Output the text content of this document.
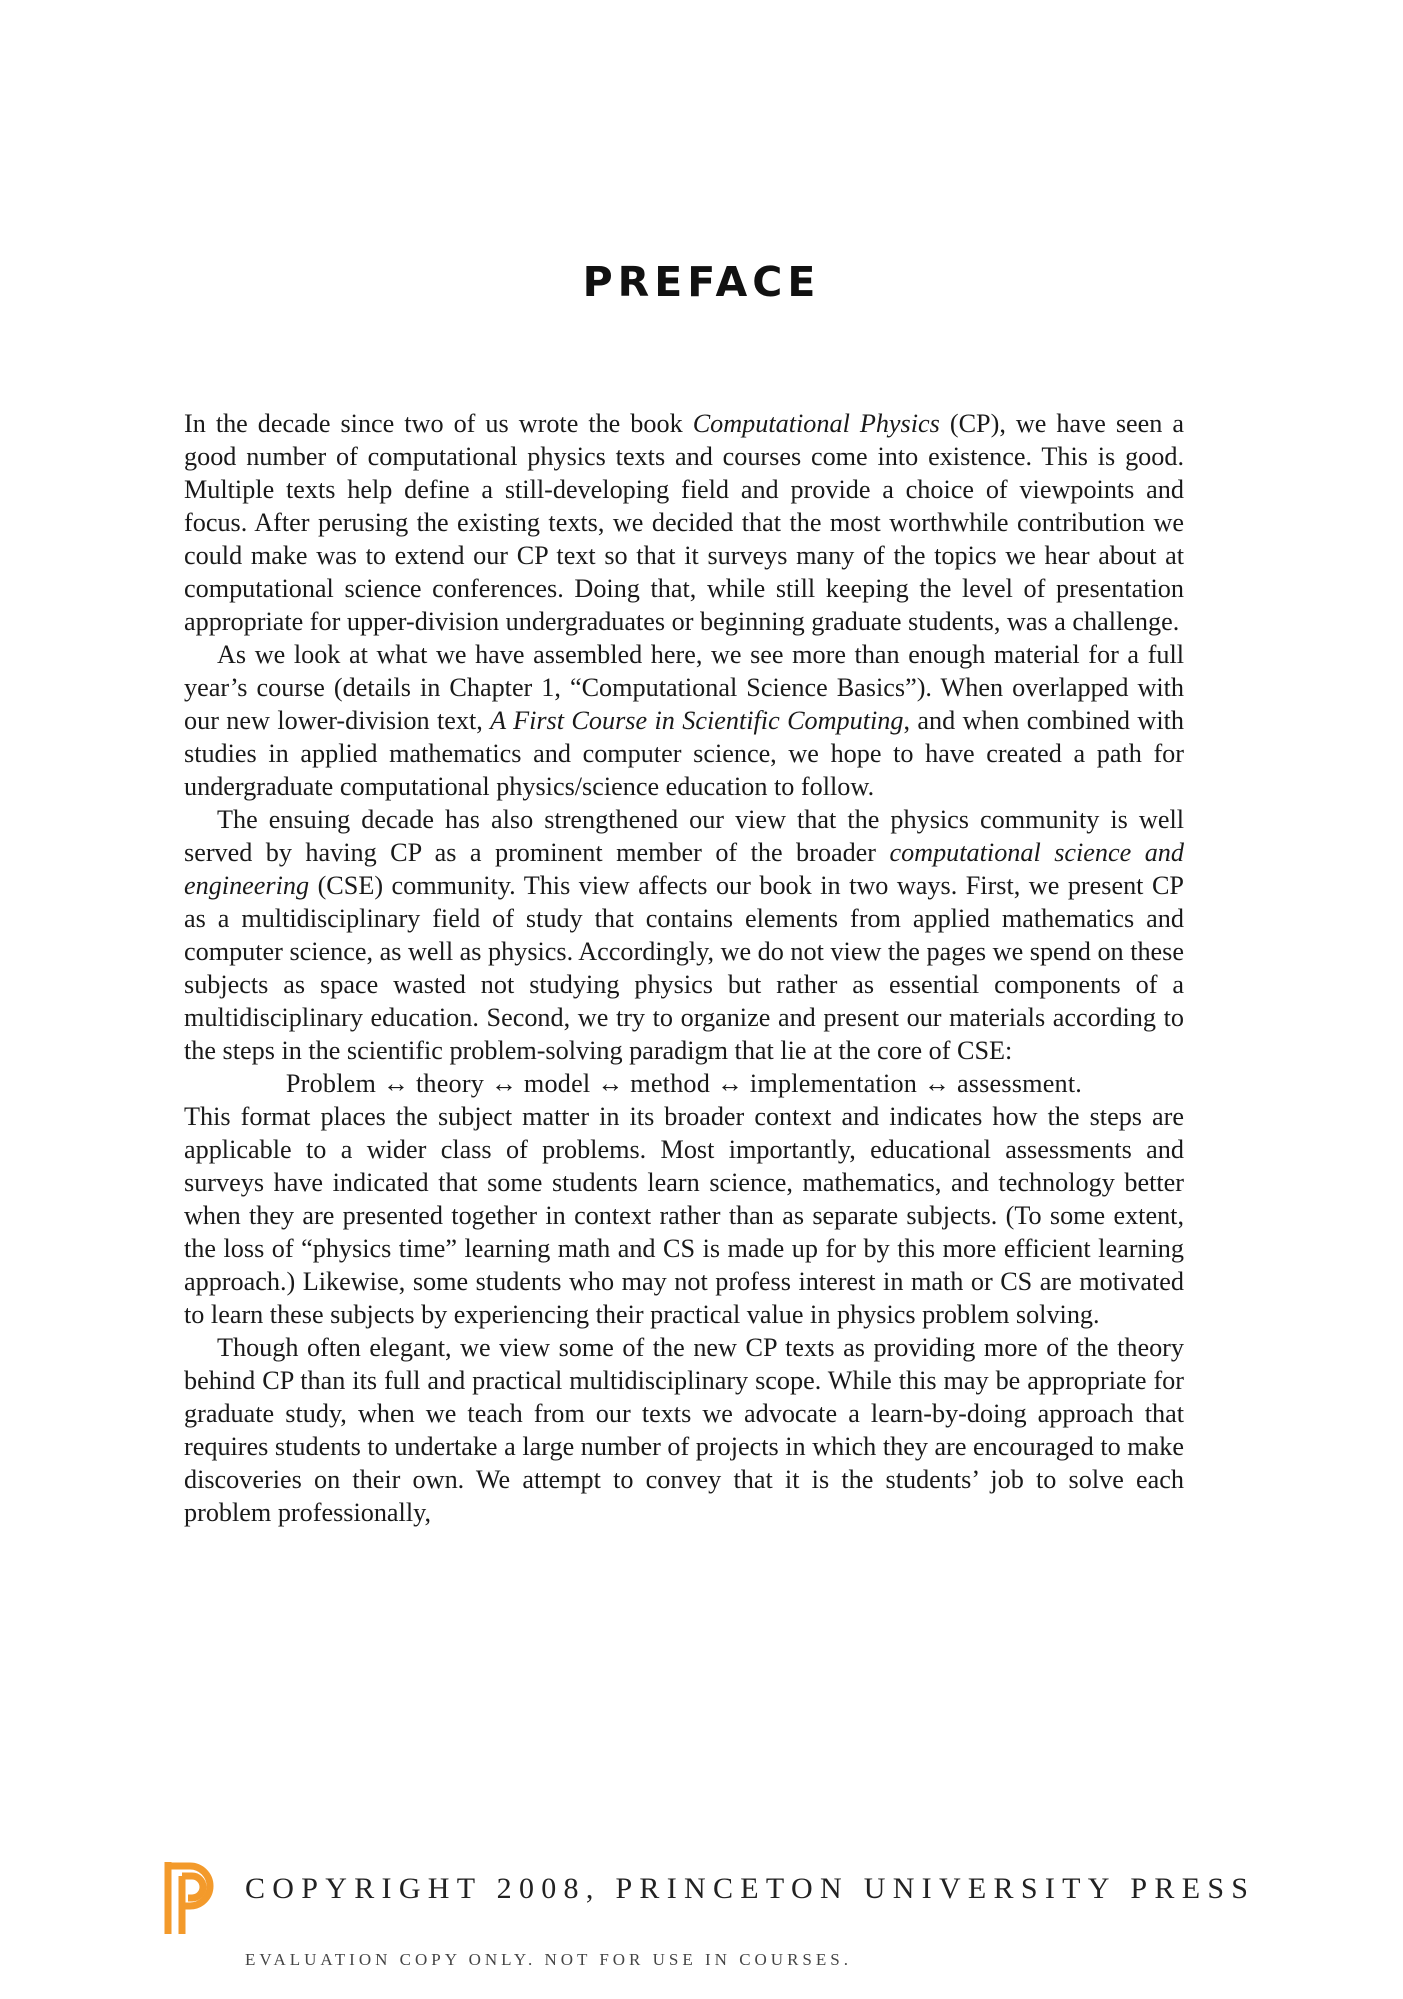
PREFACE

In the decade since two of us wrote the book Computational Physics (CP), we have seen a good number of computational physics texts and courses come into existence. This is good. Multiple texts help define a still-developing field and provide a choice of viewpoints and focus. After perusing the existing texts, we decided that the most worthwhile contribution we could make was to extend our CP text so that it surveys many of the topics we hear about at computational science conferences. Doing that, while still keeping the level of presentation appropriate for upper-division undergraduates or beginning graduate students, was a challenge.

As we look at what we have assembled here, we see more than enough material for a full year’s course (details in Chapter 1, “Computational Science Basics”). When overlapped with our new lower-division text, A First Course in Scientific Computing, and when combined with studies in applied mathematics and computer science, we hope to have created a path for undergraduate computational physics/science education to follow.

The ensuing decade has also strengthened our view that the physics community is well served by having CP as a prominent member of the broader computational science and engineering (CSE) community. This view affects our book in two ways. First, we present CP as a multidisciplinary field of study that contains elements from applied mathematics and computer science, as well as physics. Accordingly, we do not view the pages we spend on these subjects as space wasted not studying physics but rather as essential components of a multidisciplinary education. Second, we try to organize and present our materials according to the steps in the scientific problem-solving paradigm that lie at the core of CSE:

Problem ↔ theory ↔ model ↔ method ↔ implementation ↔ assessment.

This format places the subject matter in its broader context and indicates how the steps are applicable to a wider class of problems. Most importantly, educational assessments and surveys have indicated that some students learn science, mathematics, and technology better when they are presented together in context rather than as separate subjects. (To some extent, the loss of “physics time” learning math and CS is made up for by this more efficient learning approach.) Likewise, some students who may not profess interest in math or CS are motivated to learn these subjects by experiencing their practical value in physics problem solving.

Though often elegant, we view some of the new CP texts as providing more of the theory behind CP than its full and practical multidisciplinary scope. While this may be appropriate for graduate study, when we teach from our texts we advocate a learn-by-doing approach that requires students to undertake a large number of projects in which they are encouraged to make discoveries on their own. We attempt to convey that it is the students’ job to solve each problem professionally,

COPYRIGHT 2008, PRINCETON UNIVERSITY PRESS
EVALUATION COPY ONLY. NOT FOR USE IN COURSES.
